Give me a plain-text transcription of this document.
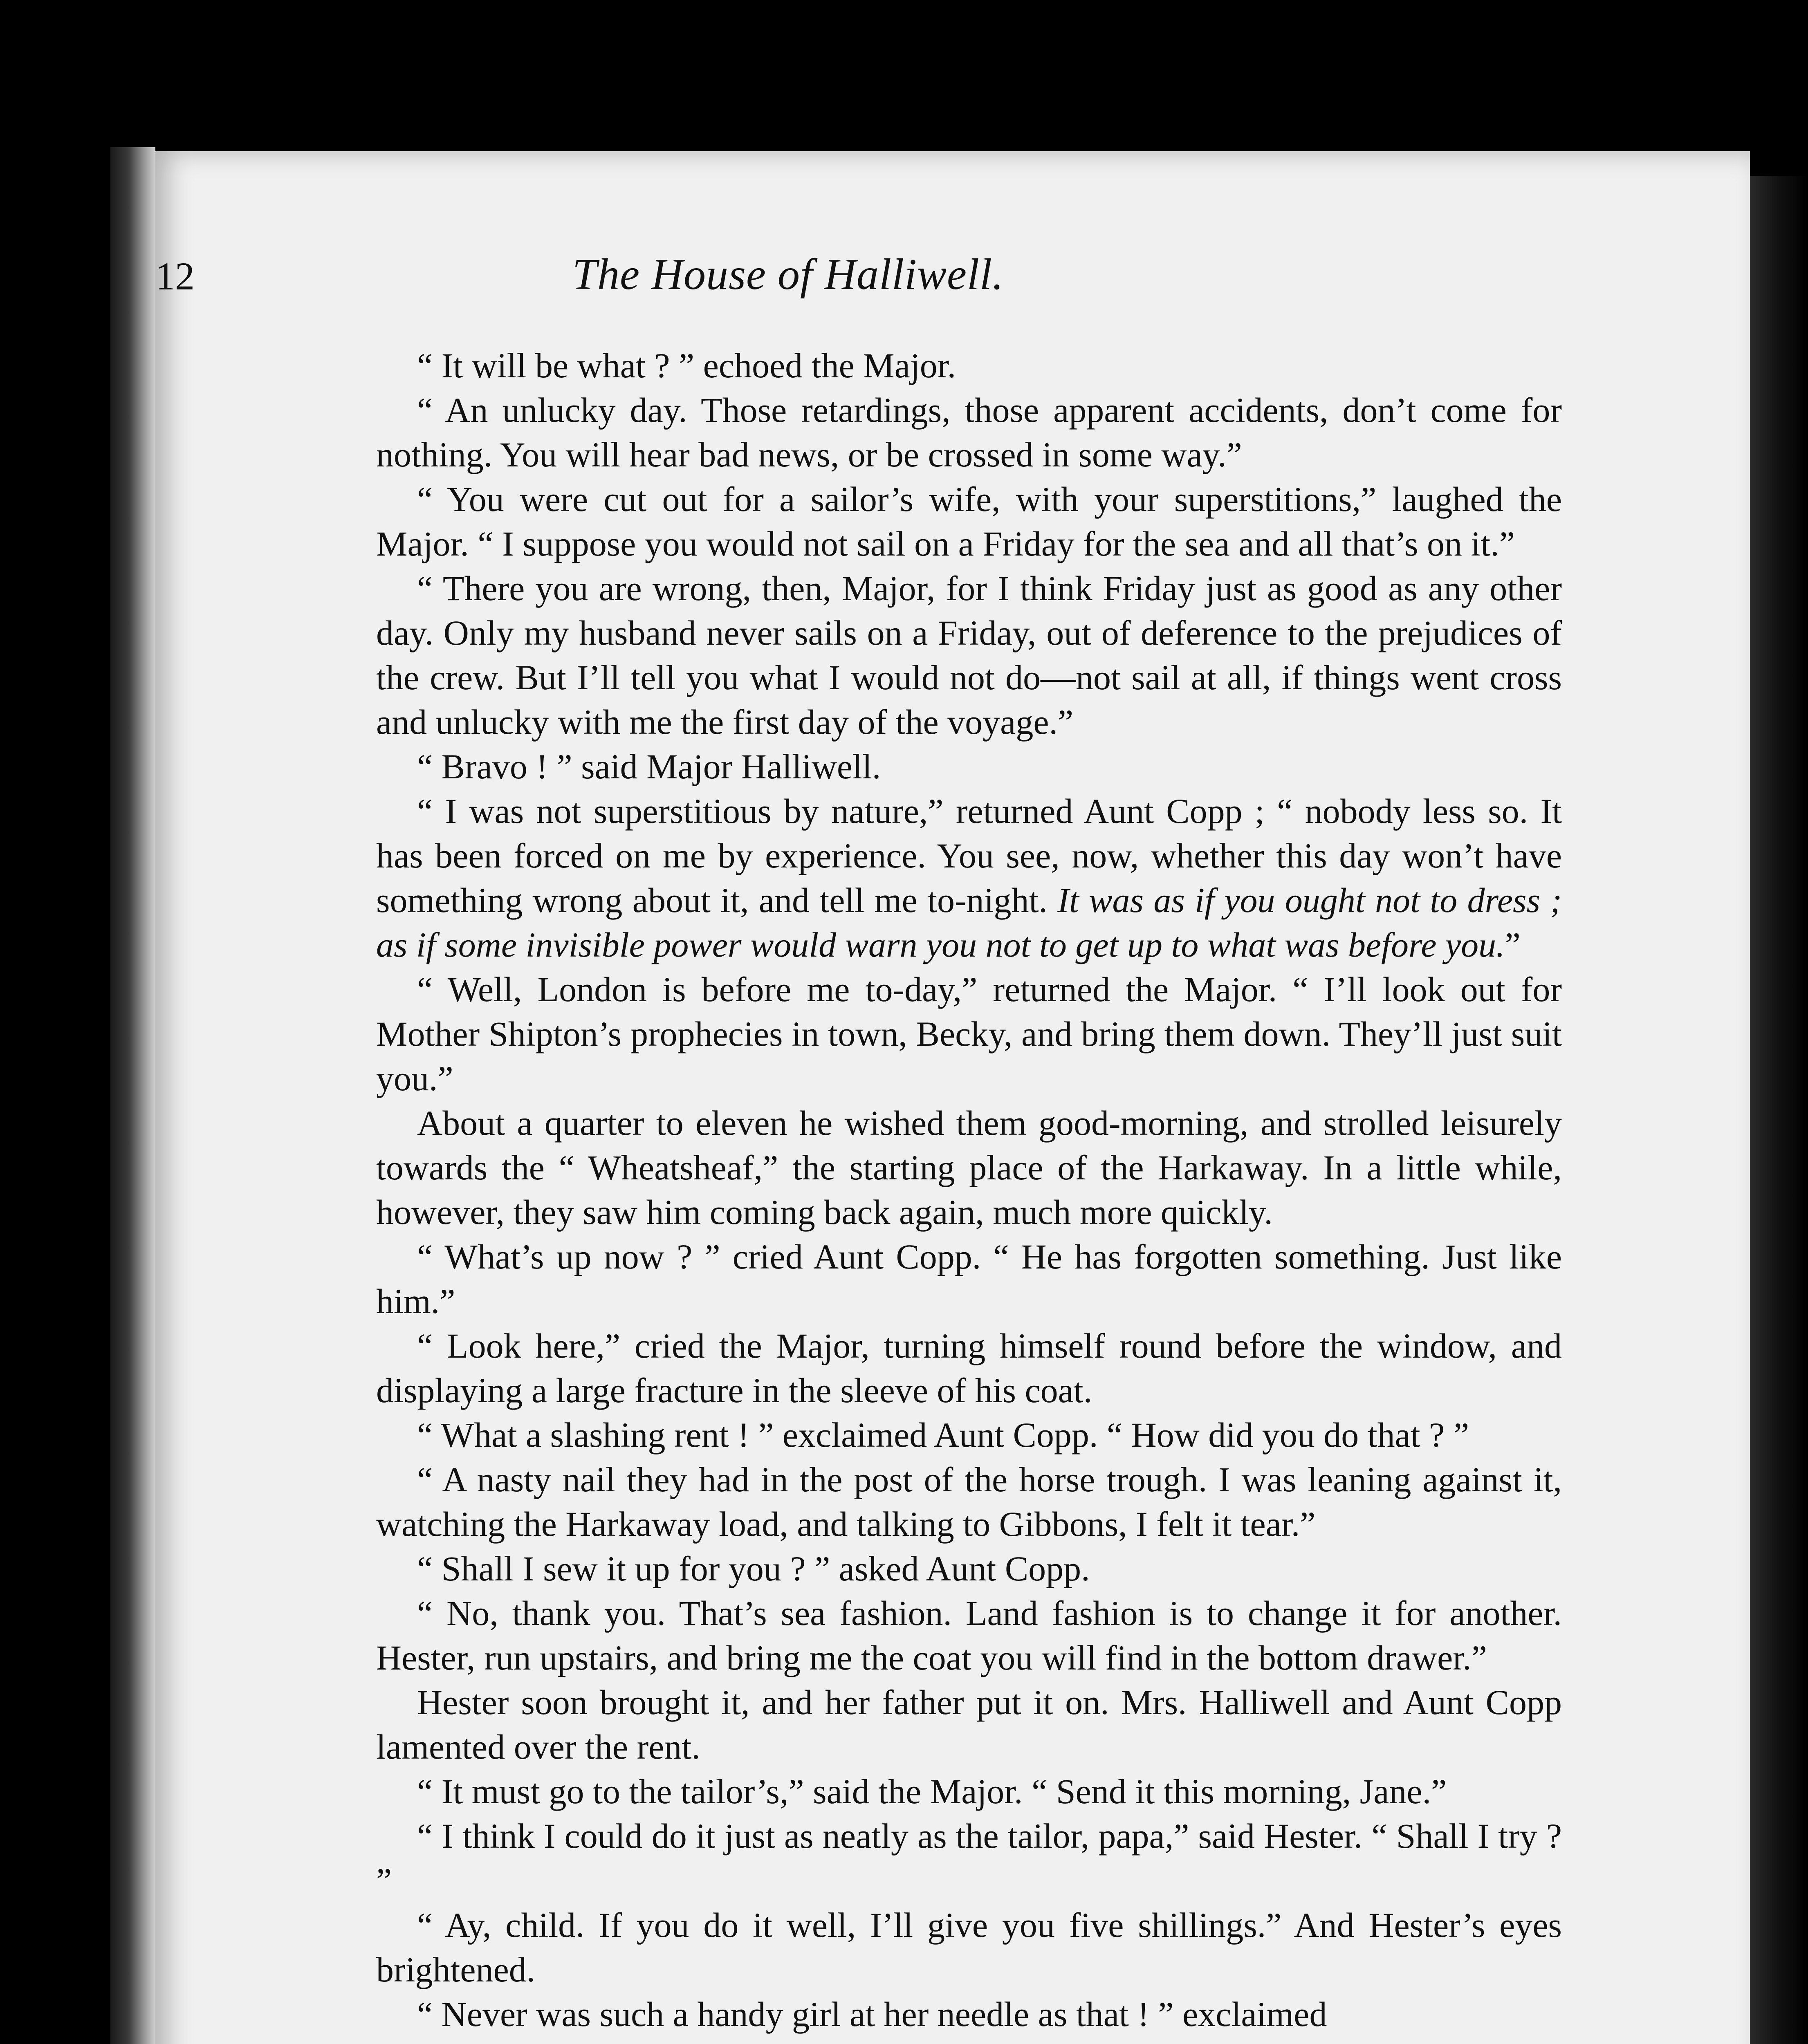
12	The House of Halliwell.

“ It will be what ? ” echoed the Major.

“ An unlucky day. Those retardings, those apparent accidents, don’t come for nothing. You will hear bad news, or be crossed in some way.”

“ You were cut out for a sailor’s wife, with your superstitions,” laughed the Major. “ I suppose you would not sail on a Friday for the sea and all that’s on it.”

“ There you are wrong, then, Major, for I think Friday just as good as any other day. Only my husband never sails on a Friday, out of deference to the prejudices of the crew. But I’ll tell you what I would not do—not sail at all, if things went cross and unlucky with me the first day of the voyage.”

“ Bravo ! ” said Major Halliwell.

“ I was not superstitious by nature,” returned Aunt Copp ; “ nobody less so. It has been forced on me by experience. You see, now, whether this day won’t have something wrong about it, and tell me to-night. It was as if you ought not to dress ; as if some invisible power would warn you not to get up to what was before you.”

“ Well, London is before me to-day,” returned the Major. “ I’ll look out for Mother Shipton’s prophecies in town, Becky, and bring them down. They’ll just suit you.”

About a quarter to eleven he wished them good-morning, and strolled leisurely towards the “ Wheatsheaf,” the starting place of the Harkaway. In a little while, however, they saw him coming back again, much more quickly.

“ What’s up now ? ” cried Aunt Copp. “ He has forgotten something. Just like him.”

“ Look here,” cried the Major, turning himself round before the window, and displaying a large fracture in the sleeve of his coat.

“ What a slashing rent ! ” exclaimed Aunt Copp. “ How did you do that ? ”

“ A nasty nail they had in the post of the horse trough. I was leaning against it, watching the Harkaway load, and talking to Gibbons, I felt it tear.”

“ Shall I sew it up for you ? ” asked Aunt Copp.

“ No, thank you. That’s sea fashion. Land fashion is to change it for another. Hester, run upstairs, and bring me the coat you will find in the bottom drawer.”

Hester soon brought it, and her father put it on. Mrs. Halliwell and Aunt Copp lamented over the rent.

“ It must go to the tailor’s,” said the Major. “ Send it this morning, Jane.”

“ I think I could do it just as neatly as the tailor, papa,” said Hester. “ Shall I try ? ”

“ Ay, child. If you do it well, I’ll give you five shillings.” And Hester’s eyes brightened.

“ Never was such a handy girl at her needle as that ! ” exclaimed
